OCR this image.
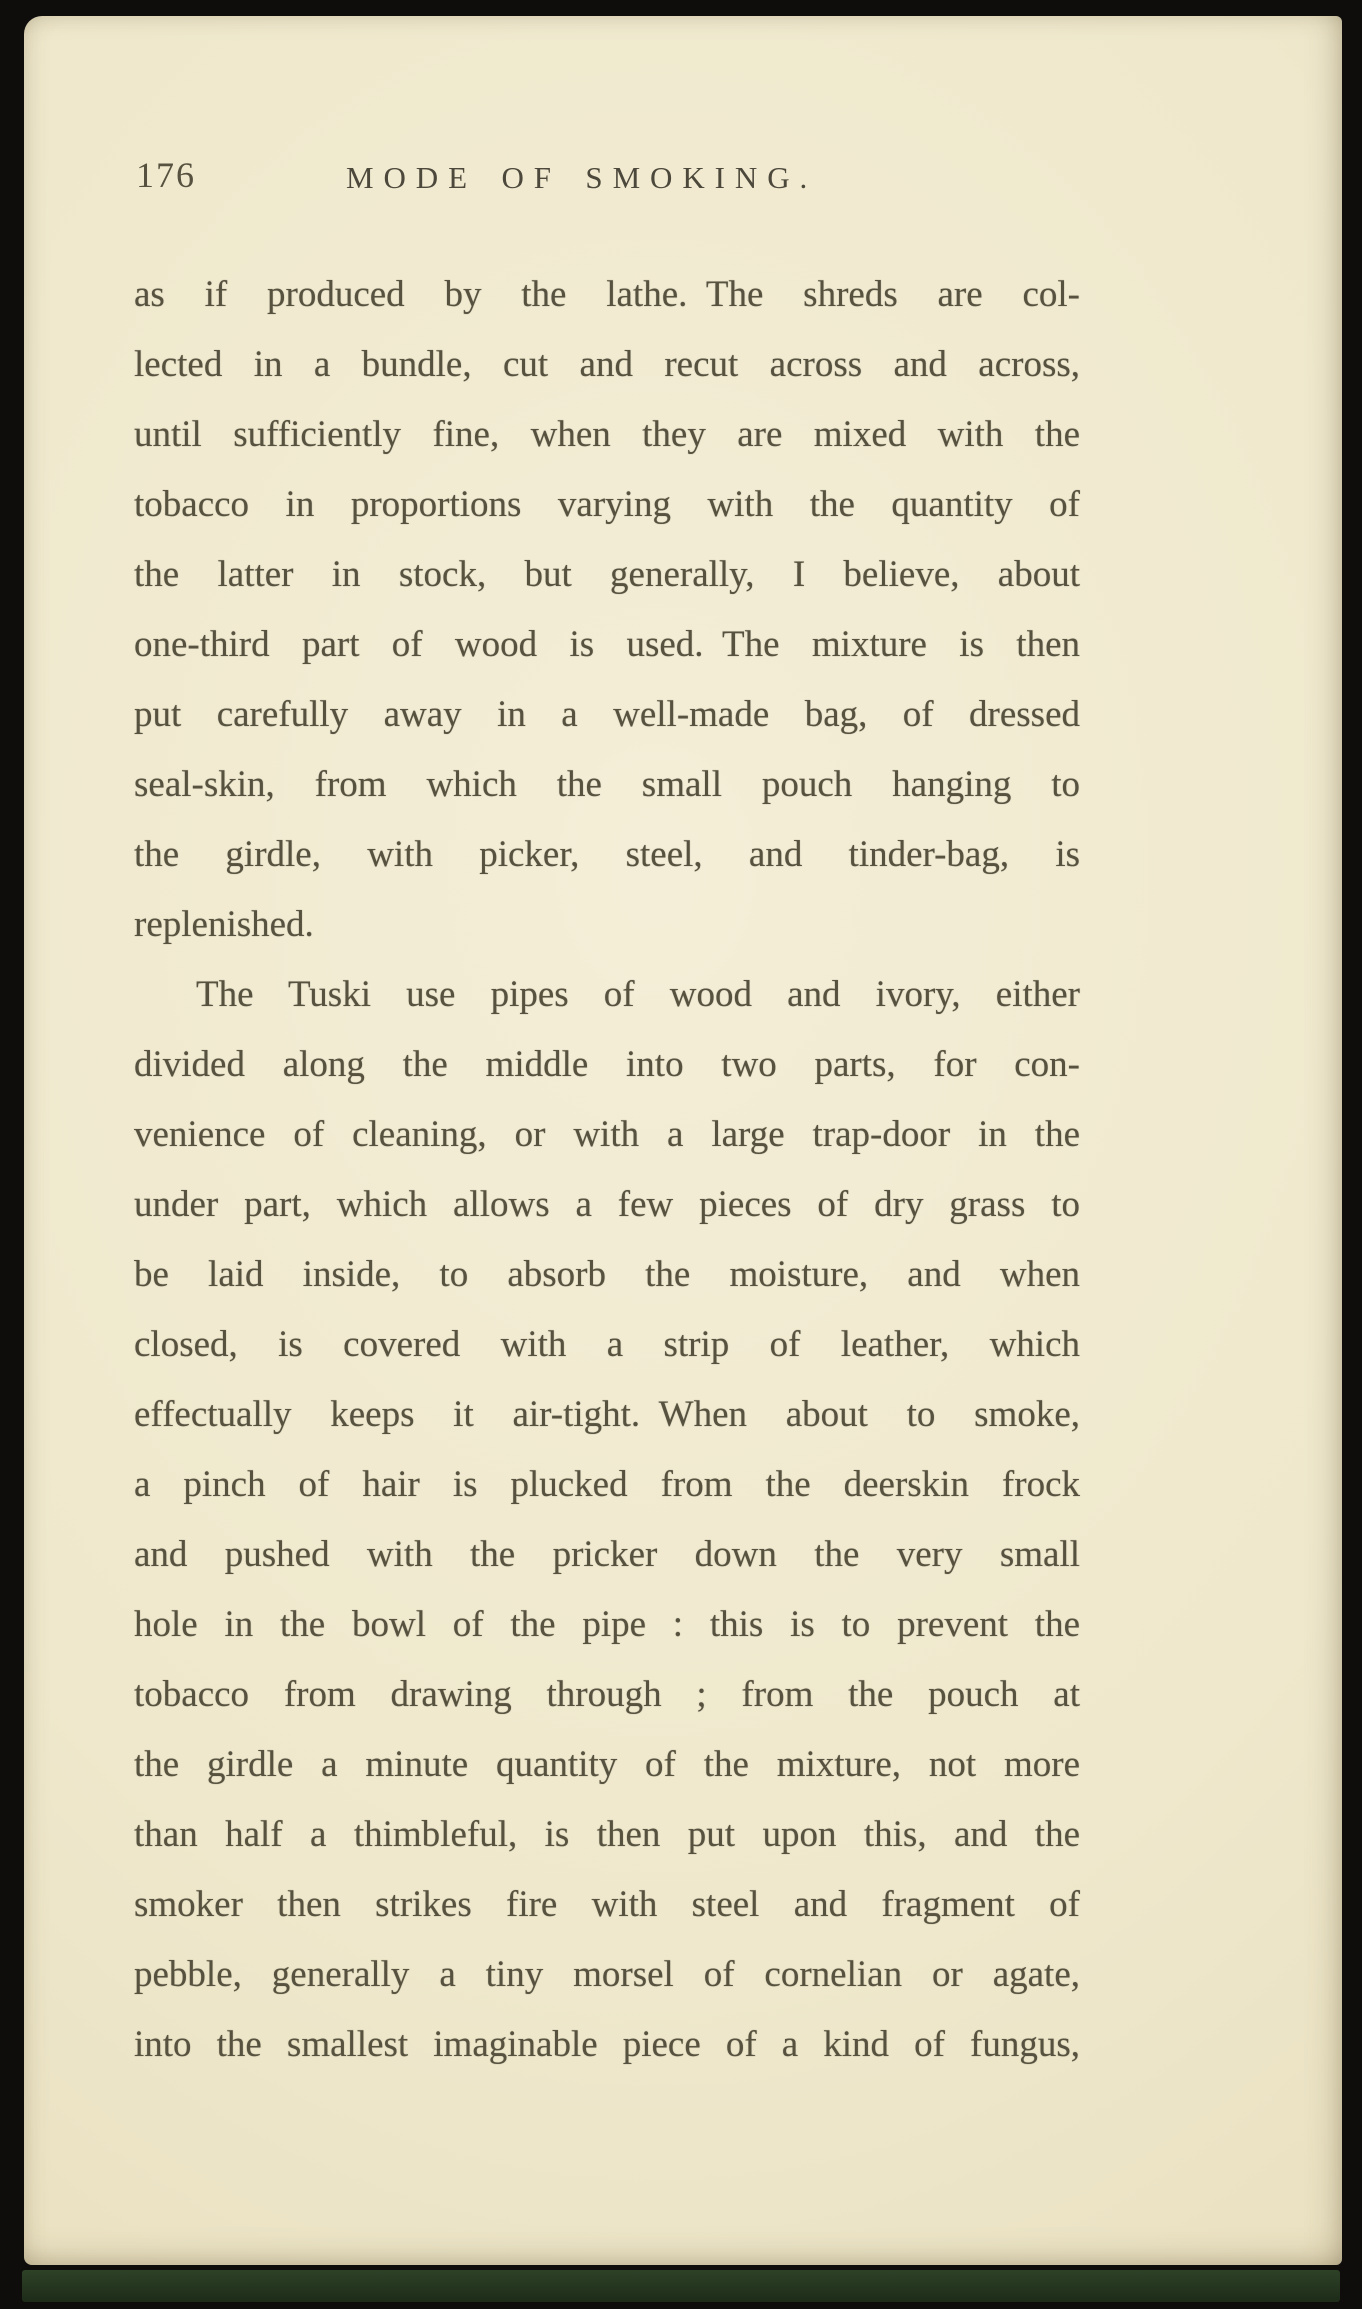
176	MODE OF SMOKING.
as if produced by the lathe. The shreds are col-
lected in a bundle, cut and recut across and across,
until sufficiently fine, when they are mixed with the
tobacco in proportions varying with the quantity of
the latter in stock, but generally, I believe, about
one-third part of wood is used. The mixture is then
put carefully away in a well-made bag, of dressed
seal-skin, from which the small pouch hanging to
the girdle, with picker, steel, and tinder-bag, is
replenished.
The Tuski use pipes of wood and ivory, either
divided along the middle into two parts, for con-
venience of cleaning, or with a large trap-door in the
under part, which allows a few pieces of dry grass to
be laid inside, to absorb the moisture, and when
closed, is covered with a strip of leather, which
effectually keeps it air-tight. When about to smoke,
a pinch of hair is plucked from the deerskin frock
and pushed with the pricker down the very small
hole in the bowl of the pipe : this is to prevent the
tobacco from drawing through ; from the pouch at
the girdle a minute quantity of the mixture, not more
than half a thimbleful, is then put upon this, and the
smoker then strikes fire with steel and fragment of
pebble, generally a tiny morsel of cornelian or agate,
into the smallest imaginable piece of a kind of fungus,
